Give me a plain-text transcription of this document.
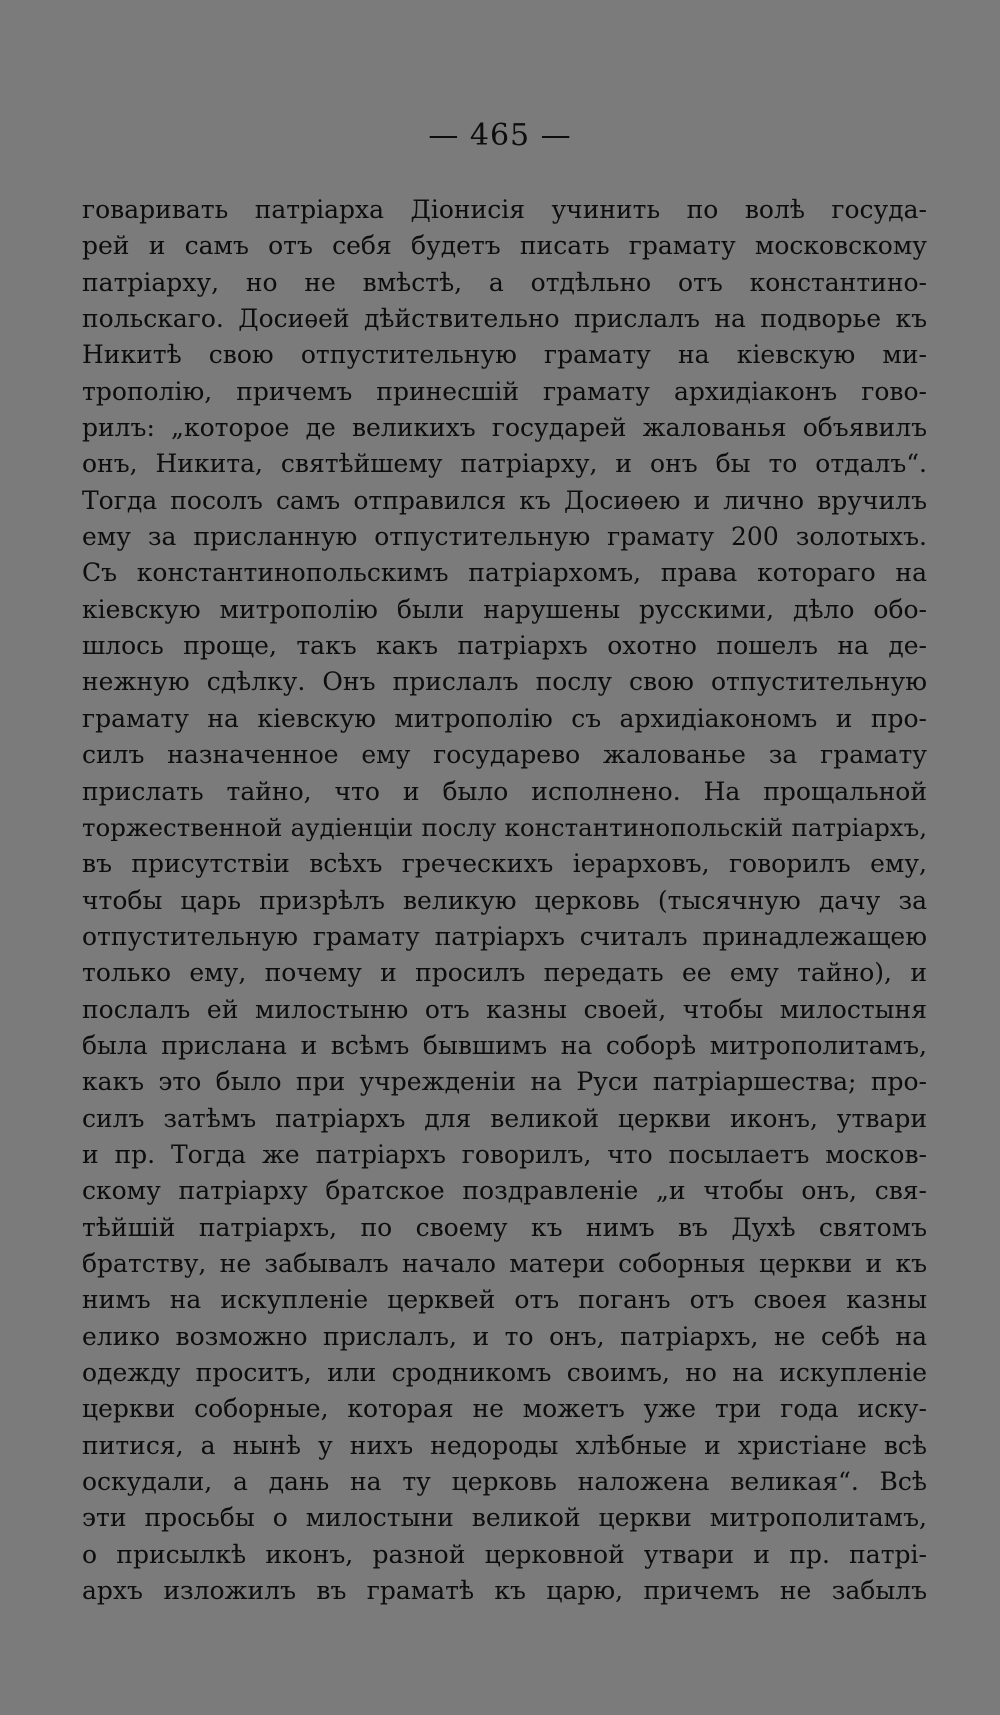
— 465 —
говаривать патріарха Діонисія учинить по волѣ госуда-
рей и самъ отъ себя будетъ писать грамату московскому
патріарху, но не вмѣстѣ, а отдѣльно отъ константино-
польскаго. Досиѳей дѣйствительно прислалъ на подворье къ
Никитѣ свою отпустительную грамату на кіевскую ми-
трополію, причемъ принесшій грамату архидіаконъ гово-
рилъ: „которое де великихъ государей жалованья объявилъ
онъ, Никита, святѣйшему патріарху, и онъ бы то отдалъ“.
Тогда посолъ самъ отправился къ Досиѳею и лично вручилъ
ему за присланную отпустительную грамату 200 золотыхъ.
Съ константинопольскимъ патріархомъ, права котораго на
кіевскую митрополію были нарушены русскими, дѣло обо-
шлось проще, такъ какъ патріархъ охотно пошелъ на де-
нежную сдѣлку. Онъ прислалъ послу свою отпустительную
грамату на кіевскую митрополію съ архидіакономъ и про-
силъ назначенное ему государево жалованье за грамату
прислать тайно, что и было исполнено. На прощальной
торжественной аудіенціи послу константинопольскій патріархъ,
въ присутствіи всѣхъ греческихъ іерарховъ, говорилъ ему,
чтобы царь призрѣлъ великую церковь (тысячную дачу за
отпустительную грамату патріархъ считалъ принадлежащею
только ему, почему и просилъ передать ее ему тайно), и
послалъ ей милостыню отъ казны своей, чтобы милостыня
была прислана и всѣмъ бывшимъ на соборѣ митрополитамъ,
какъ это было при учрежденіи на Руси патріаршества; про-
силъ затѣмъ патріархъ для великой церкви иконъ, утвари
и пр. Тогда же патріархъ говорилъ, что посылаетъ москов-
скому патріарху братское поздравленіе „и чтобы онъ, свя-
тѣйшій патріархъ, по своему къ нимъ въ Духѣ святомъ
братству, не забывалъ начало матери соборныя церкви и къ
нимъ на искупленіе церквей отъ поганъ отъ своея казны
елико возможно прислалъ, и то онъ, патріархъ, не себѣ на
одежду проситъ, или сродникомъ своимъ, но на искупленіе
церкви соборные, которая не можетъ уже три года иску-
питися, а нынѣ у нихъ недороды хлѣбные и христіане всѣ
оскудали, а дань на ту церковь наложена великая“. Всѣ
эти просьбы о милостыни великой церкви митрополитамъ,
о присылкѣ иконъ, разной церковной утвари и пр. патрі-
архъ изложилъ въ граматѣ къ царю, причемъ не забылъ
